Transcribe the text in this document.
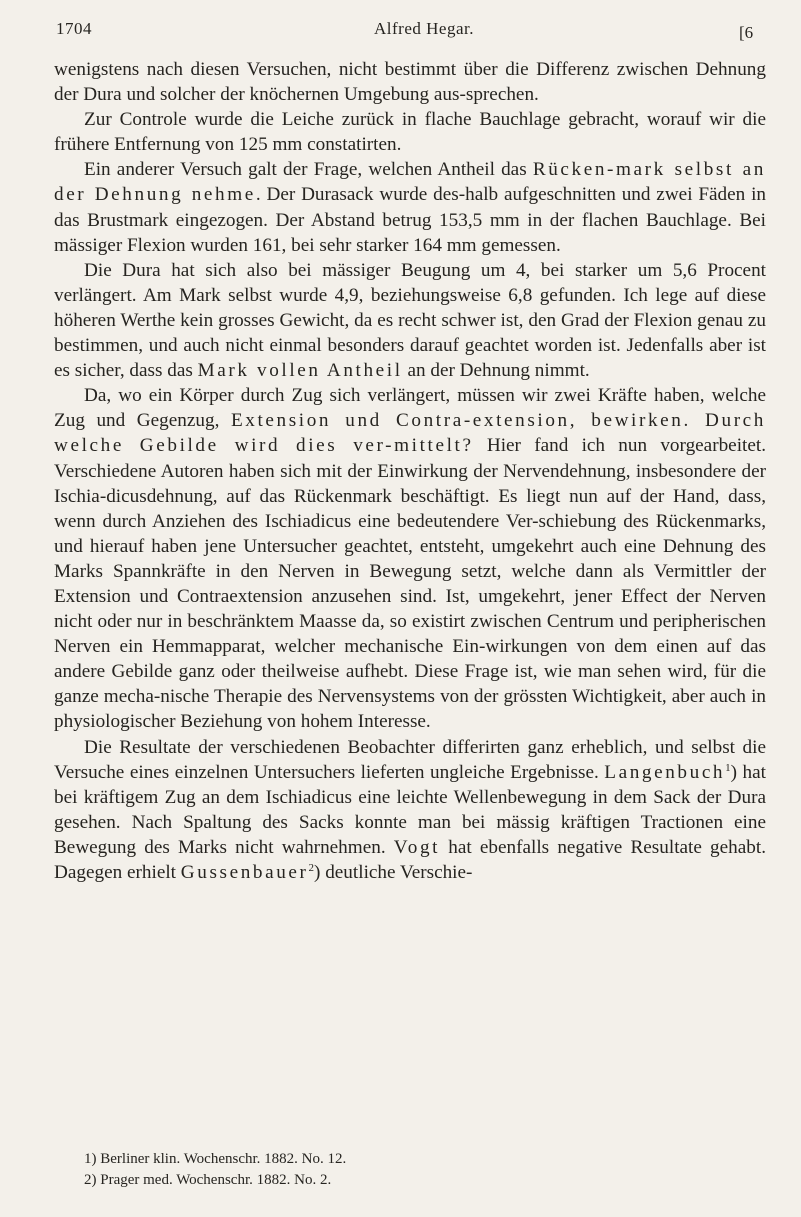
1704	Alfred Hegar.	[6

wenigstens nach diesen Versuchen, nicht bestimmt über die Differenz zwischen Dehnung der Dura und solcher der knöchernen Umgebung aus-sprechen.

Zur Controle wurde die Leiche zurück in flache Bauchlage gebracht, worauf wir die frühere Entfernung von 125 mm constatirten.

Ein anderer Versuch galt der Frage, welchen Antheil das Rücken-mark selbst an der Dehnung nehme. Der Durasack wurde des-halb aufgeschnitten und zwei Fäden in das Brustmark eingezogen. Der Abstand betrug 153,5 mm in der flachen Bauchlage. Bei mässiger Flexion wurden 161, bei sehr starker 164 mm gemessen.

Die Dura hat sich also bei mässiger Beugung um 4, bei starker um 5,6 Procent verlängert. Am Mark selbst wurde 4,9, beziehungsweise 6,8 gefunden. Ich lege auf diese höheren Werthe kein grosses Gewicht, da es recht schwer ist, den Grad der Flexion genau zu bestimmen, und auch nicht einmal besonders darauf geachtet worden ist. Jedenfalls aber ist es sicher, dass das Mark vollen Antheil an der Dehnung nimmt.

Da, wo ein Körper durch Zug sich verlängert, müssen wir zwei Kräfte haben, welche Zug und Gegenzug, Extension und Contra-extension, bewirken. Durch welche Gebilde wird dies ver-mittelt? Hier fand ich nun vorgearbeitet. Verschiedene Autoren haben sich mit der Einwirkung der Nervendehnung, insbesondere der Ischia-dicusdehnung, auf das Rückenmark beschäftigt. Es liegt nun auf der Hand, dass, wenn durch Anziehen des Ischiadicus eine bedeutendere Ver-schiebung des Rückenmarks, und hierauf haben jene Untersucher geachtet, entsteht, umgekehrt auch eine Dehnung des Marks Spannkräfte in den Nerven in Bewegung setzt, welche dann als Vermittler der Extension und Contraextension anzusehen sind. Ist, umgekehrt, jener Effect der Nerven nicht oder nur in beschränktem Maasse da, so existirt zwischen Centrum und peripherischen Nerven ein Hemmapparat, welcher mechanische Ein-wirkungen von dem einen auf das andere Gebilde ganz oder theilweise aufhebt. Diese Frage ist, wie man sehen wird, für die ganze mecha-nische Therapie des Nervensystems von der grössten Wichtigkeit, aber auch in physiologischer Beziehung von hohem Interesse.

Die Resultate der verschiedenen Beobachter differirten ganz erheblich, und selbst die Versuche eines einzelnen Untersuchers lieferten ungleiche Ergebnisse. Langenbuch$^1$) hat bei kräftigem Zug an dem Ischiadicus eine leichte Wellenbewegung in dem Sack der Dura gesehen. Nach Spaltung des Sacks konnte man bei mässig kräftigen Tractionen eine Bewegung des Marks nicht wahrnehmen. Vogt hat ebenfalls negative Resultate gehabt. Dagegen erhielt Gussenbauer$^2$) deutliche Verschie-

1) Berliner klin. Wochenschr. 1882. No. 12.

2) Prager med. Wochenschr. 1882. No. 2.
